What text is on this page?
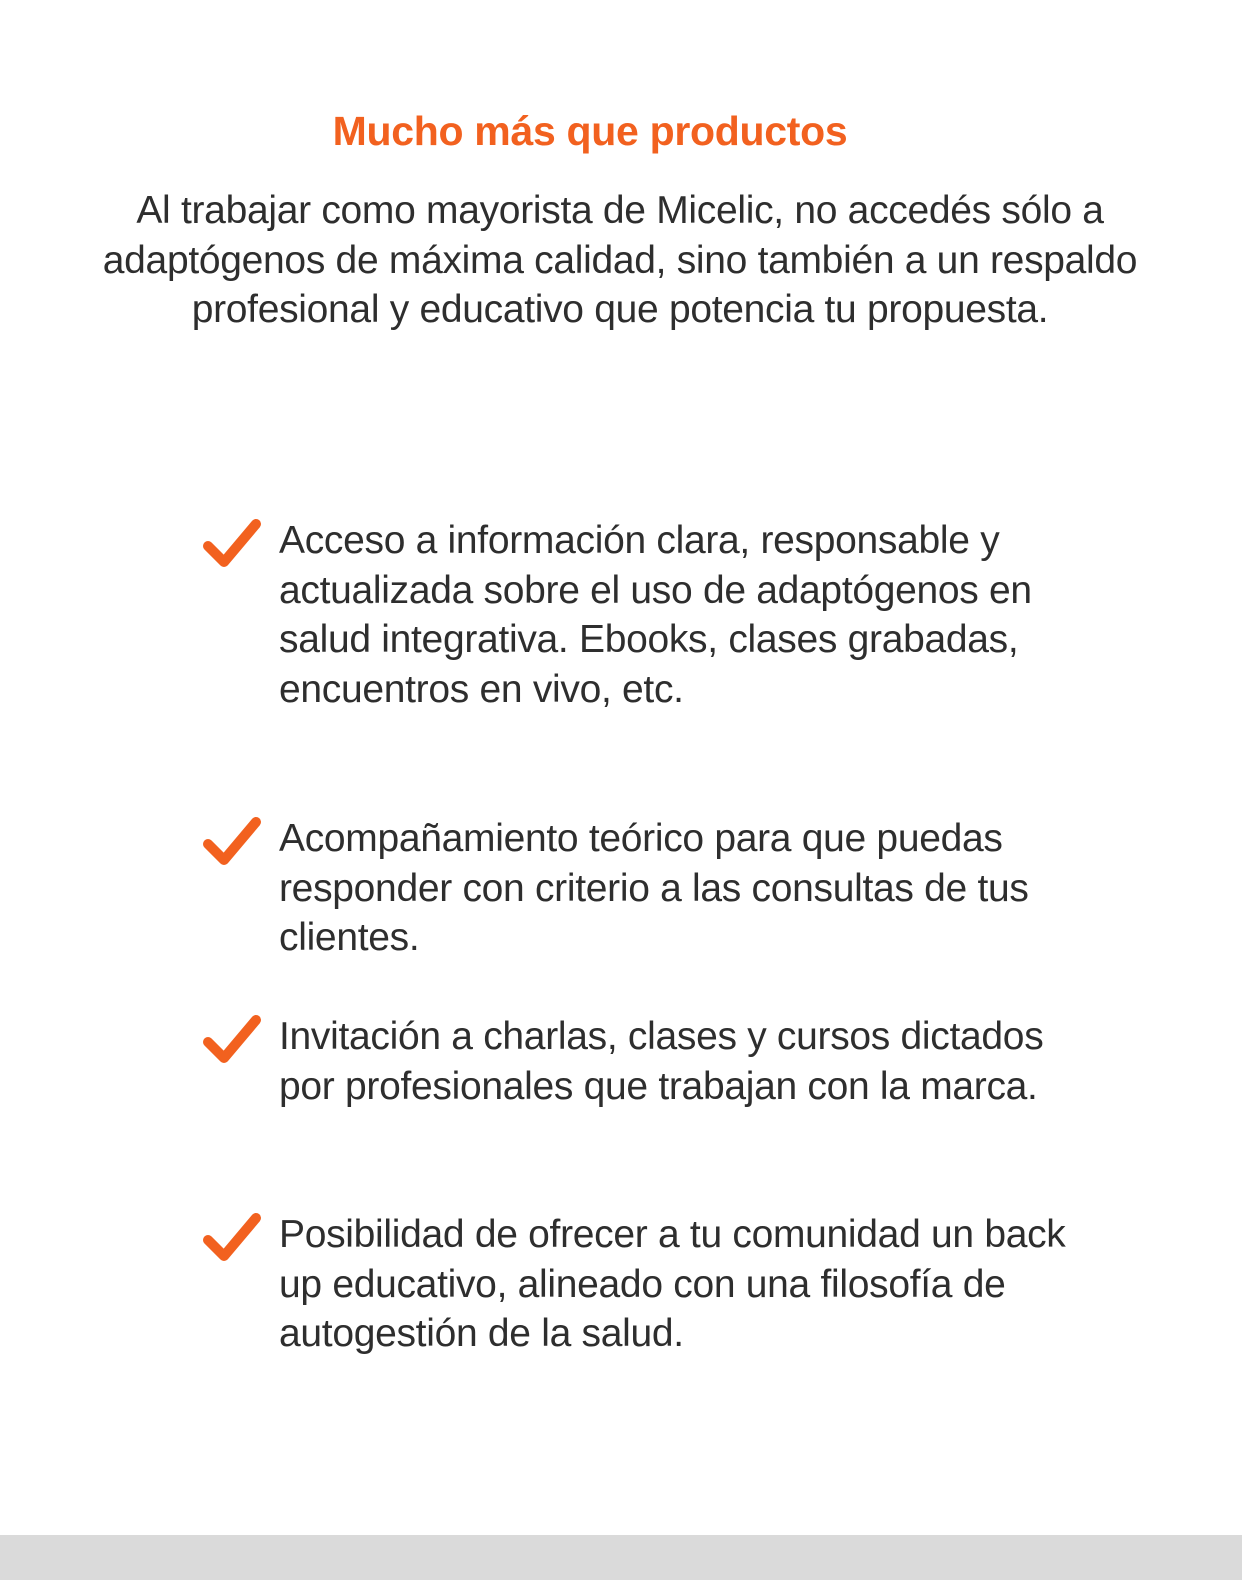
Mucho más que productos

Al trabajar como mayorista de Micelic, no accedés sólo a adaptógenos de máxima calidad, sino también a un respaldo profesional y educativo que potencia tu propuesta.

Acceso a información clara, responsable y actualizada sobre el uso de adaptógenos en salud integrativa. Ebooks, clases grabadas, encuentros en vivo, etc.
Acompañamiento teórico para que puedas responder con criterio a las consultas de tus clientes.
Invitación a charlas, clases y cursos dictados por profesionales que trabajan con la marca.
Posibilidad de ofrecer a tu comunidad un back up educativo, alineado con una filosofía de autogestión de la salud.
